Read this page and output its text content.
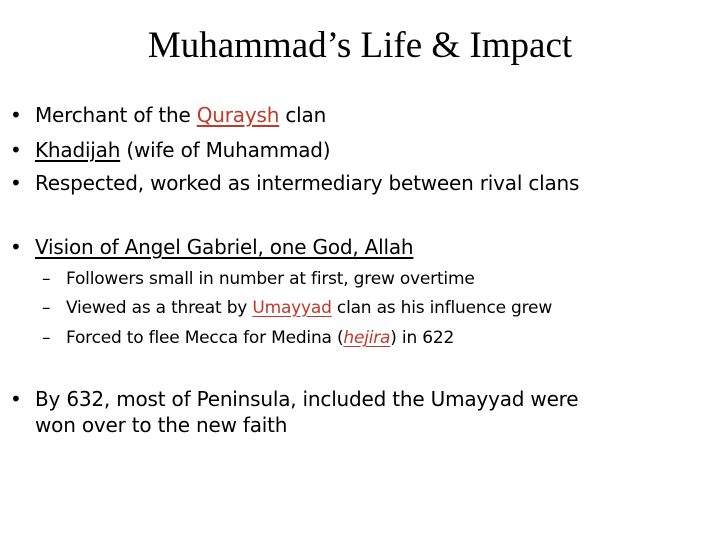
Muhammad’s Life & Impact
• Merchant of the Quraysh clan
• Khadijah (wife of Muhammad)
• Respected, worked as intermediary between rival clans
• Vision of Angel Gabriel, one God, Allah
– Followers small in number at first, grew overtime
– Viewed as a threat by Umayyad clan as his influence grew
– Forced to flee Mecca for Medina (hejira) in 622
• By 632, most of Peninsula, included the Umayyad were
won over to the new faith
